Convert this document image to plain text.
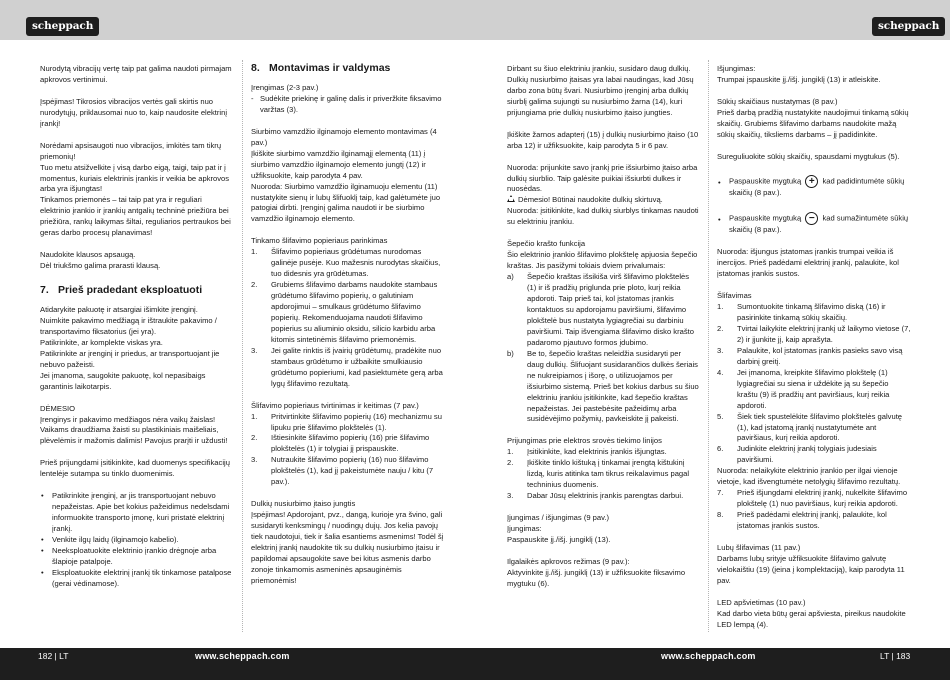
scheppach	scheppach

Nurodytą vibracijų vertę taip pat galima naudoti pirmajam apkrovos vertinimui.

Įspėjimas! Tikrosios vibracijos vertės gali skirtis nuo nurodytųjų, priklausomai nuo to, kaip naudosite elektrinį įrankį!

Norėdami apsisaugoti nuo vibracijos, imkitės tam tikrų priemonių!

Tuo metu atsižvelkite į visą darbo eigą, taigi, taip pat ir į momentus, kuriais elektrinis įrankis ir veikia be apkrovos arba yra išjungtas!

Tinkamos priemonės – tai taip pat yra ir reguliari elektrinio įrankio ir įrankių antgalių techninė priežiūra bei priežiūra, rankų laikymas šiltai, reguliarios pertraukos bei geras darbo procesų planavimas!

Naudokite klausos apsaugą.

Dėl triukšmo galima prarasti klausą.

7. Prieš pradedant eksploatuoti

Atidarykite pakuotę ir atsargiai išimkite įrenginį.

Nuimkite pakavimo medžiagą ir ištraukite pakavimo / transportavimo fiksatorius (jei yra).

Patikrinkite, ar komplekte viskas yra.

Patikrinkite ar įrenginį ir priedus, ar transportuojant jie nebuvo pažeisti.

Jei įmanoma, saugokite pakuotę, kol nepasibaigs garantinis laikotarpis.

DĖMESIO

Įrenginys ir pakavimo medžiagos nėra vaikų žaislas! Vaikams draudžiama žaisti su plastikiniais maišeliais, plėvelėmis ir mažomis dalimis! Pavojus prarįti ir uždusti!

Prieš prijungdami įsitikinkite, kad duomenys specifikacijų lentelėje sutampa su tinklo duomenimis.

• Patikrinkite įrenginį, ar jis transportuojant nebuvo nepažeistas. Apie bet kokius pažeidimus nedelsdami informuokite transporto įmonę, kuri pristatė elektrinį įrankį.
• Venkite ilgų laidų (ilginamojo kabelio).
• Neeksploatuokite elektrinio įrankio drėgnoje arba šlapioje patalpoje.
• Eksploatuokite elektrinį įrankį tik tinkamose patalpose (gerai vėdinamose).
8. Montavimas ir valdymas

Įrengimas (2-3 pav.)

- Sudėkite priekinę ir galinę dalis ir priveržkite fiksavimo varžtas (3).

Siurbimo vamzdžio ilginamojo elemento montavimas (4 pav.)

Įkiškite siurbimo vamzdžio ilginamąjį elementą (11) į siurbimo vamzdžio ilginamojo elemento jungtį (12) ir užfiksuokite, kaip parodyta 4 pav.

Nuoroda: Siurbimo vamzdžio ilginamuoju elementu (11) nustatykite sienų ir lubų šlifuoklį taip, kad galėtumėte juo patogiai dirbti. Įrenginį galima naudoti ir be siurbimo vamzdžio ilginamojo elemento.

Tinkamo šlifavimo popieriaus parinkimas

1. Šlifavimo popieriaus grūdėtumas nurodomas galinėje pusėje. Kuo mažesnis nurodytas skaičius, tuo didesnis yra grūdėtumas.
2. Grubiems šlifavimo darbams naudokite stambaus grūdėtumo šlifavimo popierių, o galutiniam apdorojimui – smulkaus grūdėtumo šlifavimo popierių. Rekomenduojama naudoti šlifavimo popierius su aliuminio oksidu, silicio karbidu arba kitomis sintetinėmis šlifavimo priemonėmis.
3. Jei galite rinktis iš įvairių grūdėtumų, pradėkite nuo stambaus grūdėtumo ir užbaikite smulkiausio grūdėtumo popieriumi, kad pasiektumėte gerą arba lygų šlifavimo rezultatą.

Šlifavimo popieriaus tvirtinimas ir keitimas (7 pav.)

1. Pritvirtinkite šlifavimo popierių (16) mechanizmu su lipuku prie šlifavimo plokštelės (1).
2. Ištiesinkite šlifavimo popierių (16) prie šlifavimo plokštelės (1) ir tolygiai jį prispauskite.
3. Nutraukite šlifavimo popierių (16) nuo šlifavimo plokštelės (1), kad jį pakeistumėte nauju / kitu (7 pav.).

Dulkių nusiurbimo įtaiso jungtis

Įspėjimas! Apdorojant, pvz., dangą, kurioje yra švino, gali susidaryti kenksmingų / nuodingų dujų. Jos kelia pavojų tiek naudotojui, tiek ir šalia esantiems asmenims! Todėl šį elektrinį įrankį naudokite tik su dulkių nusiurbimo įtaisu ir papildomai apsaugokite save bei kitus asmenis darbo zonoje tinkamomis asmeninės apsauginėmis priemonėmis!

Dirbant su šiuo elektriniu įrankiu, susidaro daug dulkių. Dulkių nusiurbimo įtaisas yra labai naudingas, kad Jūsų darbo zona būtų švari. Nusiurbimo įrenginį arba dulkių siurblį galima sujungti su nusiurbimo žarna (14), kuri prijungiama prie dulkių nusiurbimo įtaiso jungties.

Įkiškite žarnos adapterį (15) į dulkių nusiurbimo įtaiso (10 arba 12) ir užfiksuokite, kaip parodyta 5 ir 6 pav.

Nuoroda: prijunkite savo įrankį prie išsiurbimo įtaiso arba dulkių siurblio. Taip galėsite puikiai išsiurbti dulkes ir nuosėdas.

Dėmesio! Būtinai naudokite dulkių skirtuvą.

Nuoroda: įsitikinkite, kad dulkių siurblys tinkamas naudoti su elektriniu įrankiu.

Šepečio krašto funkcija

Šio elektrinio įrankio šlifavimo plokštelę apjuosia šepečio kraštas. Jis pasižymi tokiais dviem privalumais:

a) Šepečio kraštas išsikiša virš šlifavimo plokštelės (1) ir iš pradžių priglunda prie ploto, kurį reikia apdoroti. Taip prieš tai, kol įstatomas įrankis kontaktuos su apdorojamu paviršiumi, šlifavimo plokštelė bus nustatyta lygiagrečiai su darbiniu paviršiumi. Taip išvengiama šlifavimo disko krašto padaromo pjautuvo formos įdubimo.
b) Be to, šepečio kraštas neleidžia susidaryti per daug dulkių. Šlifuojant susidarančios dulkės šeriais ne nukreipiamos į išorę, o utilizuojamos per išsiurbimo sistemą. Prieš bet kokius darbus su šiuo elektriniu įrankiu įsitikinkite, kad šepečio kraštas nepažeistas. Jei pastebėsite pažeidimų arba susidėvėjimo požymių, pavkeiskite jį pakeisti.

Prijungimas prie elektros srovės tiekimo linijos

1. Įsitikinkite, kad elektrinis įrankis išjungtas.
2. Įkiškite tinklo kištuką į tinkamai įrengtą kištukinį lizdą, kuris atitinka tam tikrus reikalavimus pagal techninius duomenis.
3. Dabar Jūsų elektrinis įrankis parengtas darbui.

Įjungimas / išjungimas (9 pav.)

Įjungimas:

Paspauskite įj./išj. jungiklį (13).

Ilgalaikės apkrovos režimas (9 pav.):

Aktyvinkite įj./išj. jungiklį (13) ir užfiksuokite fiksavimo mygtuku (6).

Išjungimas:

Trumpai įspauskite įj./išj. jungiklį (13) ir atleiskite.

Sūkių skaičiaus nustatymas (8 pav.)

Prieš darbą pradžią nustatykite naudojimui tinkamą sūkių skaičių. Grubiems šlifavimo darbams naudokite mažą sūkių skaičių, tiksliems darbams – jį padidinkite.

Sureguliuokite sūkių skaičių, spausdami mygtukus (5).

• Paspauskite mygtuką + kad padidintumėte sūkių skaičių (8 pav.).
• Paspauskite mygtuką − kad sumažintumėte sūkių skaičių (8 pav.).

Nuoroda: išjungus įstatomas įrankis trumpai veikia iš inercijos. Prieš padėdami elektrinį įrankį, palaukite, kol įstatomas įrankis sustos.

Šlifavimas

1. Sumontuokite tinkamą šlifavimo diską (16) ir pasirinkite tinkamą sūkių skaičių.
2. Tvirtai laikykite elektrinį įrankį už laikymo vietose (7, 2) ir įjunkite jį, kaip aprašyta.
3. Palaukite, kol įstatomas įrankis pasieks savo visą darbinį greitį.
4. Jei įmanoma, kreipkite šlifavimo plokštelę (1) lygiagrečiai su siena ir uždėkite ją su šepečio kraštu (9) iš pradžių ant paviršiaus, kurį reikia apdoroti.
5. Šiek tiek spustelėkite šlifavimo plokštelės galvutę (1), kad įstatomą įrankį nustatytumėte ant paviršiaus, kurį reikia apdoroti.
6. Judinkite elektrinį įrankį tolygiais judesiais paviršiumi.

Nuoroda: nelaikykite elektrinio įrankio per ilgai vienoje vietoje, kad išvengtumėte netolygių šlifavimo rezultatų.

7. Prieš išjungdami elektrinį įrankį, nukelkite šlifavimo plokštelę (1) nuo paviršiaus, kurį reikia apdoroti.
8. Prieš padėdami elektrinį įrankį, palaukite, kol įstatomas įrankis sustos.

Lubų šlifavimas (11 pav.)

Darbams lubų srityje užfiksuokite šlifavimo galvutę vielokaištiu (19) (įeina į komplektaciją), kaip parodyta 11 pav.

LED apšvietimas (10 pav.)

Kad darbo vieta būtų gerai apšviesta, pireikus naudokite LED lempą (4).

182 | LT	www.scheppach.com	www.scheppach.com	LT | 183
